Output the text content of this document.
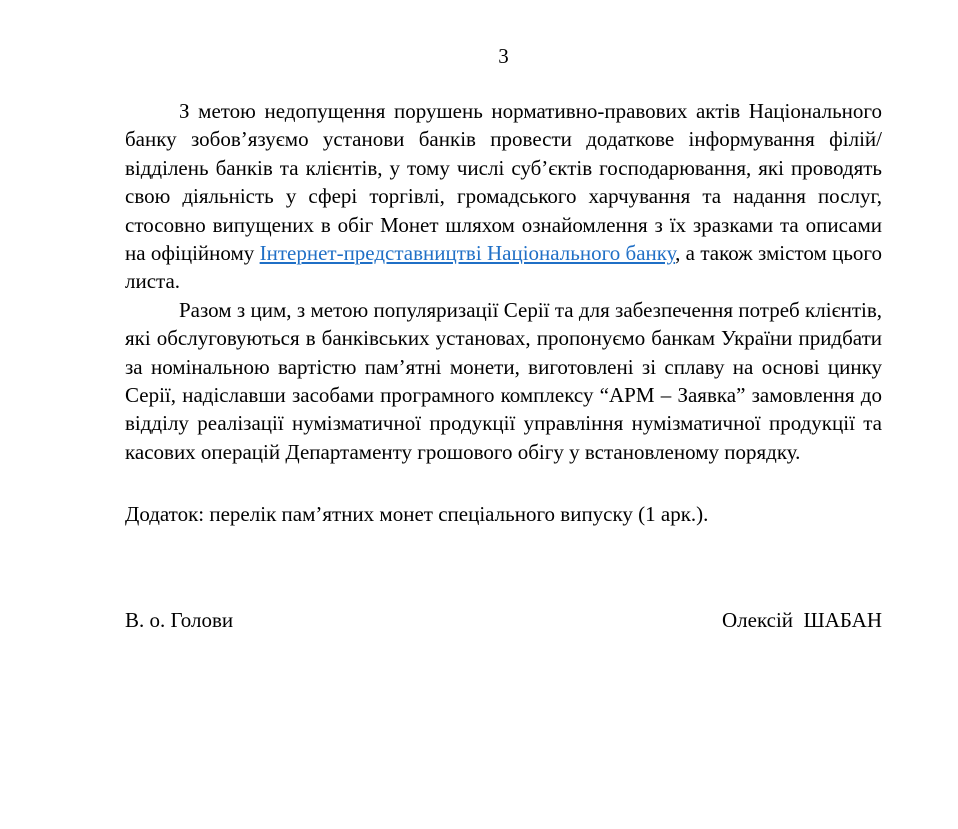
3

З метою недопущення порушень нормативно-правових актів Національного банку зобов’язуємо установи банків провести додаткове інформування філій/відділень банків та клієнтів, у тому числі суб’єктів господарювання, які проводять свою діяльність у сфері торгівлі, громадського харчування та надання послуг, стосовно випущених в обіг Монет шляхом ознайомлення з їх зразками та описами на офіційному Інтернет-представництві Національного банку, а також змістом цього листа.

Разом з цим, з метою популяризації Серії та для забезпечення потреб клієнтів, які обслуговуються в банківських установах, пропонуємо банкам України придбати за номінальною вартістю пам’ятні монети, виготовлені зі сплаву на основі цинку Серії, надіславши засобами програмного комплексу “АРМ – Заявка” замовлення до відділу реалізації нумізматичної продукції управління нумізматичної продукції та касових операцій Департаменту грошового обігу у встановленому порядку.

Додаток: перелік пам’ятних монет спеціального випуску (1 арк.).
В. о. Голови	Олексій  ШАБАН
